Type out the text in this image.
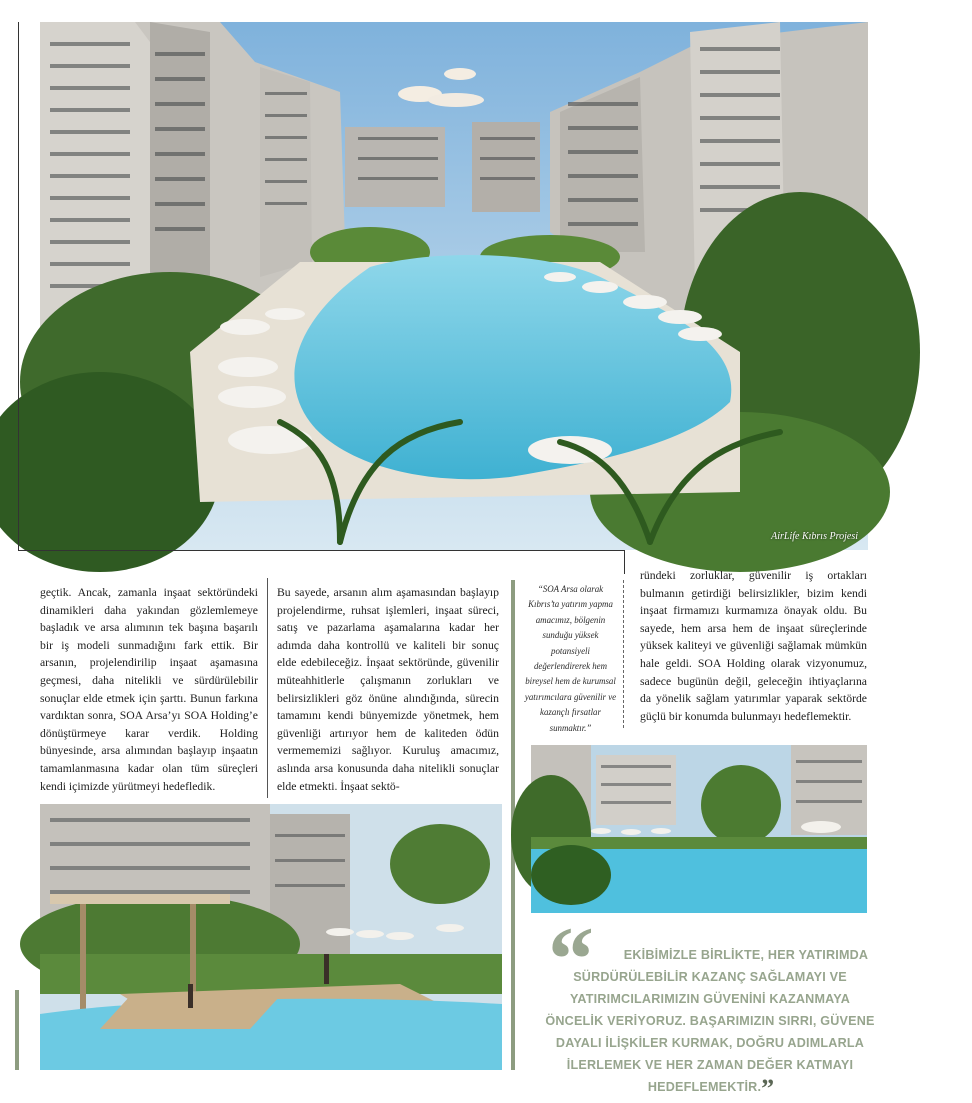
AirLife Kıbrıs Projesi

geçtik. Ancak, zamanla inşaat sektöründeki dinamikleri daha yakından gözlemlemeye başladık ve arsa alımının tek başına başarılı bir iş modeli sunmadığını fark ettik. Bir arsanın, projelendirilip inşaat aşamasına geçmesi, daha nitelikli ve sürdürülebilir sonuçlar elde etmek için şarttı. Bunun farkına vardıktan sonra, SOA Arsa’yı SOA Holding’e dönüştürmeye karar verdik. Holding bünyesinde, arsa alımından başlayıp inşaatın tamamlanmasına kadar olan tüm süreçleri kendi içimizde yürütmeyi hedefledik.

Bu sayede, arsanın alım aşamasından başlayıp projelendirme, ruhsat işlemleri, inşaat süreci, satış ve pazarlama aşamalarına kadar her adımda daha kontrollü ve kaliteli bir sonuç elde edebileceğiz. İnşaat sektöründe, güvenilir müteahhitlerle çalışmanın zorlukları ve belirsizlikleri göz önüne alındığında, sürecin tamamını kendi bünyemizde yönetmek, hem güvenliği artırıyor hem de kaliteden ödün vermememizi sağlıyor. Kuruluş amacımız, aslında arsa konusunda daha nitelikli sonuçlar elde etmekti. İnşaat sektö-

“SOA Arsa olarak Kıbrıs’ta yatırım yapma amacımız, bölgenin sunduğu yüksek potansiyeli değerlendirerek hem bireysel hem de kurumsal yatırımcılara güvenilir ve kazançlı fırsatlar sunmaktır.”

ründeki zorluklar, güvenilir iş ortakları bulmanın getirdiği belirsizlikler, bizim kendi inşaat firmamızı kurmamıza önayak oldu. Bu sayede, hem arsa hem de inşaat süreçlerinde yüksek kaliteyi ve güvenliği sağlamak mümkün hale geldi. SOA Holding olarak vizyonumuz, sadece bugünün değil, geleceğin ihtiyaçlarına da yönelik sağlam yatırımlar yaparak sektörde güçlü bir konumda bulunmayı hedeflemektir.

“	EKİBİMİZLE BİRLİKTE, HER YATIRIMDA SÜRDÜRÜLEBİLİR KAZANÇ SAĞLAMAYI VE YATIRIMCILARIMIZIN GÜVENİNİ KAZANMAYA ÖNCELİK VERİYORUZ. BAŞARIMIZIN SIRRI, GÜVENE DAYALI İLİŞKİLER KURMAK, DOĞRU ADIMLARLA İLERLEMEK VE HER ZAMAN DEĞER KATMAYI HEDEFLEMEKTİR.”
